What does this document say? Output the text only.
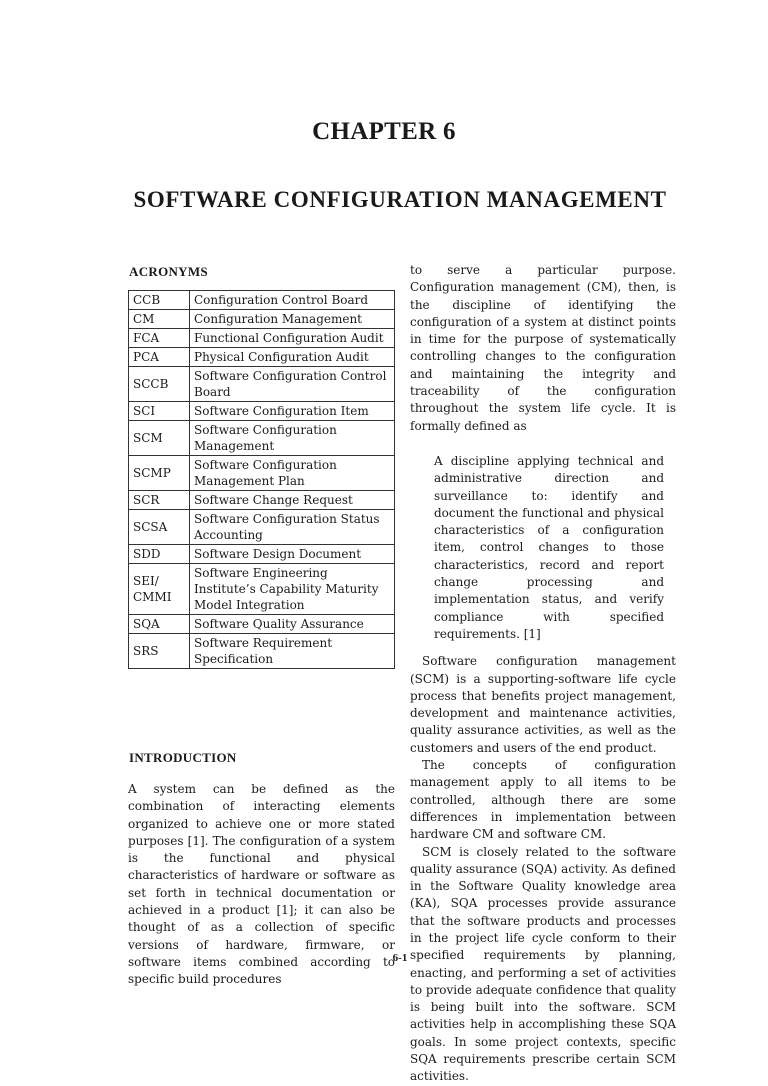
CHAPTER 6
SOFTWARE CONFIGURATION MANAGEMENT
ACRONYMS
CCB	Configuration Control Board
CM	Configuration Management
FCA	Functional Configuration Audit
PCA	Physical Configuration Audit
SCCB	Software Configuration Control Board
SCI	Software Configuration Item
SCM	Software Configuration Management
SCMP	Software Configuration Management Plan
SCR	Software Change Request
SCSA	Software Configuration Status Accounting
SDD	Software Design Document
SEI/ CMMI	Software Engineering Institute’s Capability Maturity Model Integration
SQA	Software Quality Assurance
SRS	Software Requirement Specification
INTRODUCTION
A system can be defined as the combination of interacting elements organized to achieve one or more stated purposes [1]. The configuration of a system is the functional and physical characteristics of hardware or software as set forth in technical documentation or achieved in a product [1]; it can also be thought of as a collection of specific versions of hardware, firmware, or software items combined according to specific build procedures

to serve a particular purpose. Configuration management (CM), then, is the discipline of identifying the configuration of a system at distinct points in time for the purpose of systematically controlling changes to the configuration and maintaining the integrity and traceability of the configuration throughout the system life cycle. It is formally defined as

A discipline applying technical and administrative direction and surveillance to: identify and document the functional and physical characteristics of a configuration item, control changes to those characteristics, record and report change processing and implementation status, and verify compliance with specified requirements. [1]

Software configuration management (SCM) is a supporting-software life cycle process that benefits project management, development and maintenance activities, quality assurance activities, as well as the customers and users of the end product.

The concepts of configuration management apply to all items to be controlled, although there are some differences in implementation between hardware CM and software CM.

SCM is closely related to the software quality assurance (SQA) activity. As defined in the Software Quality knowledge area (KA), SQA processes provide assurance that the software products and processes in the project life cycle conform to their specified requirements by planning, enacting, and performing a set of activities to provide adequate confidence that quality is being built into the software. SCM activities help in accomplishing these SQA goals. In some project contexts, specific SQA requirements prescribe certain SCM activities.

6-1
